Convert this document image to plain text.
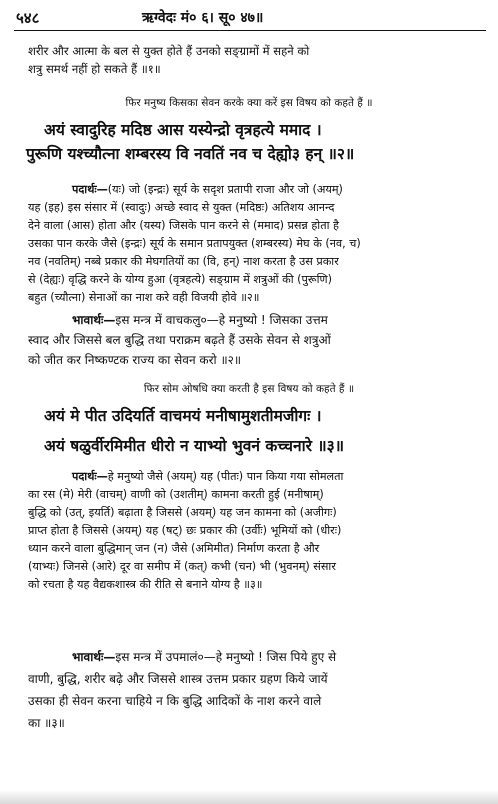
५४८	ऋग्वेदः मं० ६। सू० ४७॥

शरीर और आत्मा के बल से युक्त होते हैं उनको सङ्ग्रामों में सहने को

शत्रु समर्थ नहीं हो सकते हैं ॥१॥

फिर मनुष्य किसका सेवन करके क्या करें इस विषय को कहते हैं ॥
अयं स्वादुरिह मदिष्ठ आस यस्येन्द्रो वृत्रहत्ये ममाद ।
पुरूणि यश्च्यौत्ना शम्बरस्य वि नवतिं नव च देह्यो३ हन् ॥२॥

पदार्थः—(यः) जो (इन्द्रः) सूर्य के सदृश प्रतापी राजा और जो (अयम्)

यह (इह) इस संसार में (स्वादुः) अच्छे स्वाद से युक्त (मदिष्ठः) अतिशय आनन्द

देने वाला (आस) होता और (यस्य) जिसके पान करने से (ममाद) प्रसन्न होता है

उसका पान करके जैसे (इन्द्रः) सूर्य के समान प्रतापयुक्त (शम्बरस्य) मेघ के (नव, च)

नव (नवतिम्) नब्बे प्रकार की मेघगतियों का (वि, हन्) नाश करता है उस प्रकार

से (देह्यः) वृद्धि करने के योग्य हुआ (वृत्रहत्ये) सङ्ग्राम में शत्रुओं की (पुरूणि)

बहुत (च्यौत्ना) सेनाओं का नाश करे वही विजयी होवे ॥२॥

भावार्थः—इस मन्त्र में वाचकलु०—हे मनुष्यो ! जिसका उत्तम

स्वाद और जिससे बल बुद्धि तथा पराक्रम बढ़ते हैं उसके सेवन से शत्रुओं

को जीत कर निष्कण्टक राज्य का सेवन करो ॥२॥

फिर सोम ओषधि क्या करती है इस विषय को कहते हैं ॥
अयं मे पीत उदियर्ति वाचमयं मनीषामुशतीमजीगः ।
अयं षळुर्वीरमिमीत धीरो न याभ्यो भुवनं कच्चनारे ॥३॥

पदार्थः—हे मनुष्यो जैसे (अयम्) यह (पीतः) पान किया गया सोमलता

का रस (मे) मेरी (वाचम्) वाणी को (उशतीम्) कामना करती हुई (मनीषाम्)

बुद्धि को (उत्, इयर्ति) बढ़ाता है जिससे (अयम्) यह जन कामना को (अजीगः)

प्राप्त होता है जिससे (अयम्) यह (षट्) छः प्रकार की (उर्वीः) भूमियों को (धीरः)

ध्यान करने वाला बुद्धिमान् जन (न) जैसे (अमिमीत) निर्माण करता है और

(याभ्यः) जिनसे (आरे) दूर वा समीप में (कत्) कभी (चन) भी (भुवनम्) संसार

को रचता है यह वैद्यकशास्त्र की रीति से बनाने योग्य है ॥३॥

भावार्थः—इस मन्त्र में उपमालं०—हे मनुष्यो ! जिस पिये हुए से

वाणी, बुद्धि, शरीर बढ़े और जिससे शास्त्र उत्तम प्रकार ग्रहण किये जायें

उसका ही सेवन करना चाहिये न कि बुद्धि आदिकों के नाश करने वाले

का ॥३॥
